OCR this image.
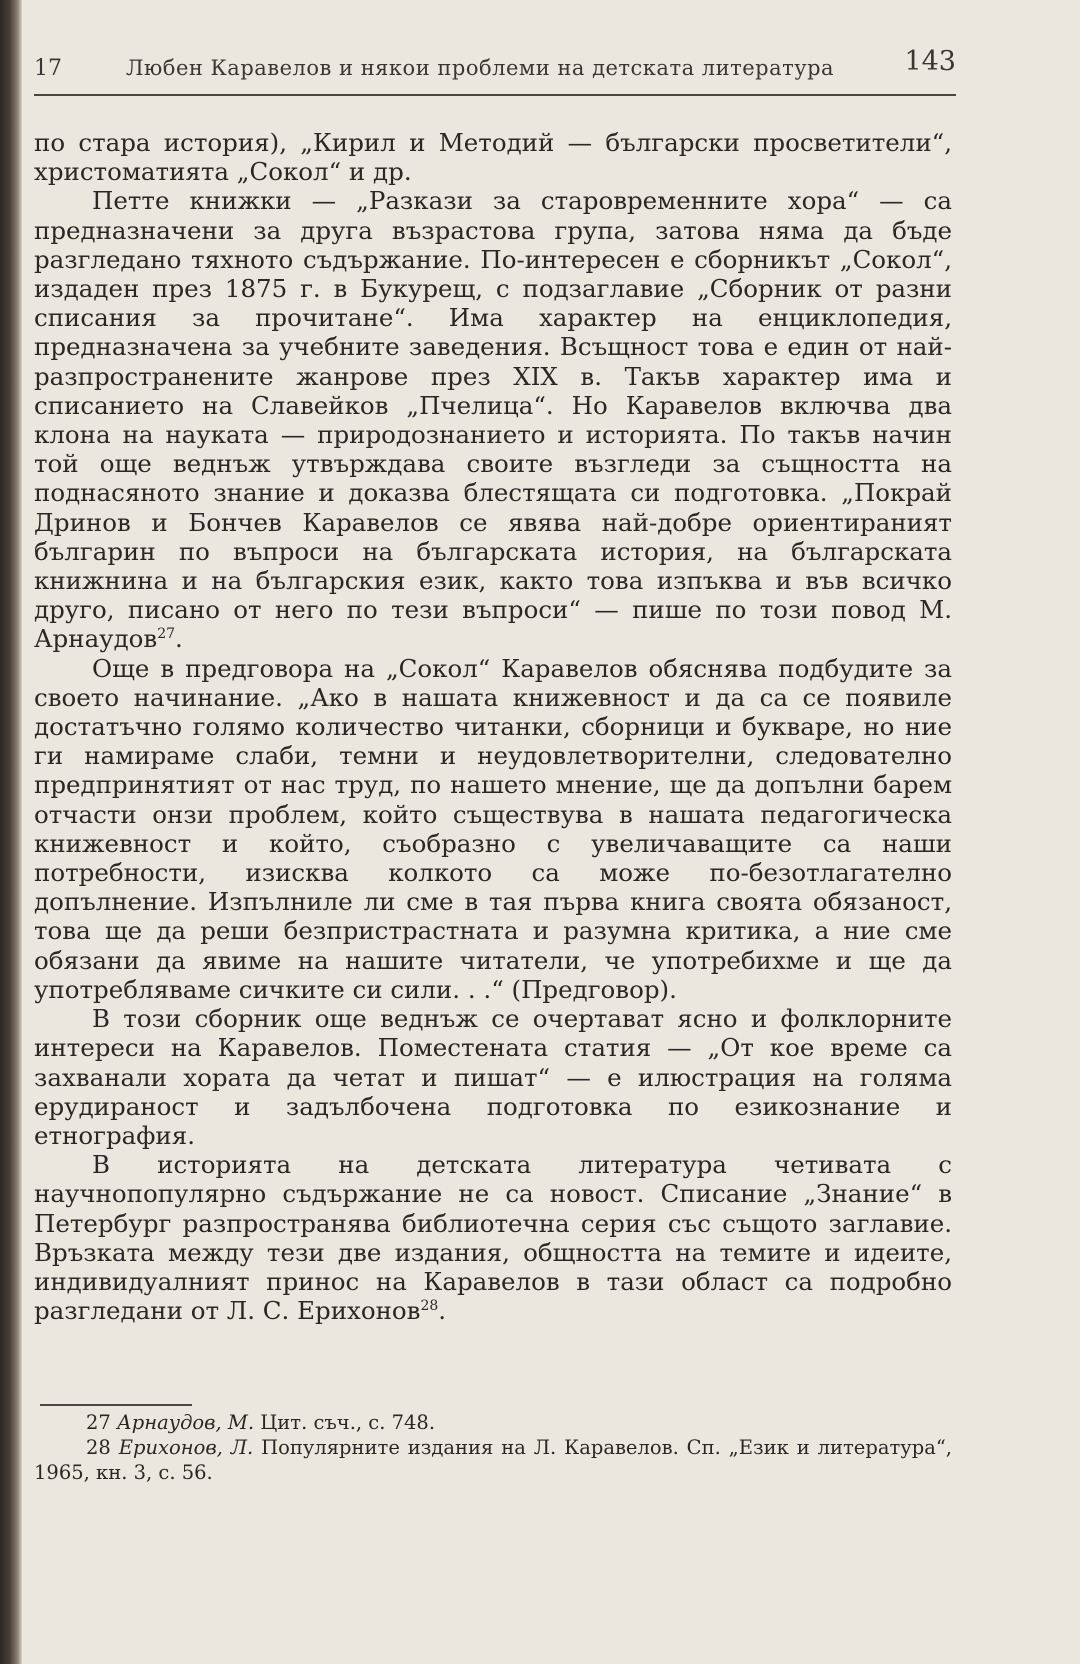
17	Любен Каравелов и някои проблеми на детската литература	143

по стара история), „Кирил и Методий — български просветители“, христоматията „Сокол“ и др.

Петте книжки — „Разкази за старовременните хора“ — са предназначени за друга възрастова група, затова няма да бъде разгледано тяхното съдържание. По-интересен е сборникът „Сокол“, издаден през 1875 г. в Букурещ, с подзаглавие „Сборник от разни списания за прочитане“. Има характер на енциклопедия, предназначена за учебните заведения. Всъщност това е един от най-разпространените жанрове през XIX в. Такъв характер има и списанието на Славейков „Пчелица“. Но Каравелов включва два клона на науката — природознанието и историята. По такъв начин той още веднъж утвърждава своите възгледи за същността на поднасяното знание и доказва блестящата си подготовка. „Покрай Дринов и Бончев Каравелов се явява най-добре ориентираният българин по въпроси на българската история, на българската книжнина и на българския език, както това изпъква и във всичко друго, писано от него по тези въпроси“ — пише по този повод М. Арнаудов$^{27}$.

Още в предговора на „Сокол“ Каравелов обяснява подбудите за своето начинание. „Ако в нашата книжевност и да са се появиле достатъчно голямо количество читанки, сборници и букваре, но ние ги намираме слаби, темни и неудовлетворителни, следователно предпринятият от нас труд, по нашето мнение, ще да допълни барем отчасти онзи проблем, който съществува в нашата педагогическа книжевност и който, съобразно с увеличаващите са наши потребности, изисква колкото са може по-безотлагателно допълнение. Изпълниле ли сме в тая първа книга своята обязаност, това ще да реши безпристрастната и разумна критика, а ние сме обязани да явиме на нашите читатели, че употребихме и ще да употребляваме сичките си сили. . .“ (Предговор).

В този сборник още веднъж се очертават ясно и фолклорните интереси на Каравелов. Поместената статия — „От кое време са захванали хората да четат и пишат“ — е илюстрация на голяма ерудираност и задълбочена подготовка по езикознание и етнография.

В историята на детската литература четивата с научнопопулярно съдържание не са новост. Списание „Знание“ в Петербург разпространява библиотечна серия със същото заглавие. Връзката между тези две издания, общността на темите и идеите, индивидуалният принос на Каравелов в тази област са подробно разгледани от Л. С. Ерихонов$^{28}$.

27 Арнаудов, М. Цит. съч., с. 748.
28 Ерихонов, Л. Популярните издания на Л. Каравелов. Сп. „Език и литература“, 1965, кн. 3, с. 56.
